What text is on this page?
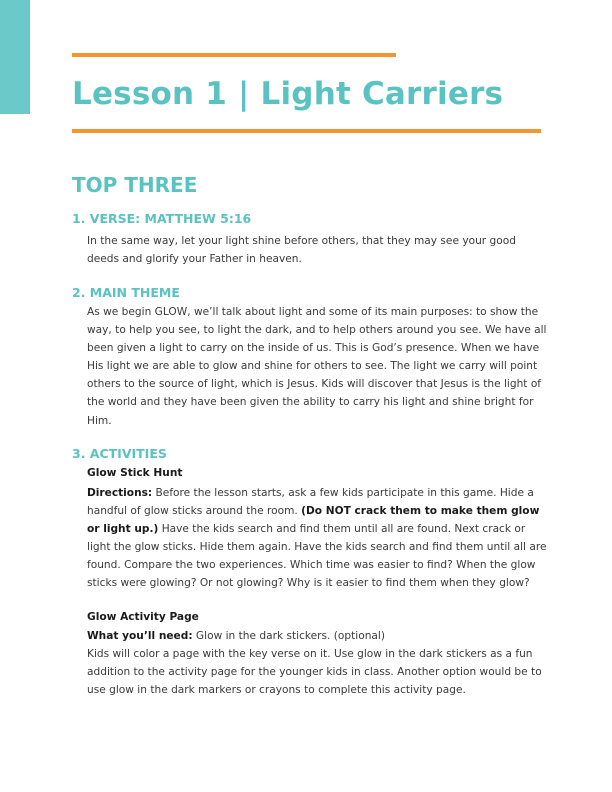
Lesson 1 | Light Carriers
TOP THREE
1. VERSE: MATTHEW 5:16

In the same way, let your light shine before others, that they may see your good deeds and glorify your Father in heaven.

2. MAIN THEME

As we begin GLOW, we’ll talk about light and some of its main purposes: to show the way, to help you see, to light the dark, and to help others around you see. We have all been given a light to carry on the inside of us. This is God’s presence. When we have His light we are able to glow and shine for others to see. The light we carry will point others to the source of light, which is Jesus. Kids will discover that Jesus is the light of the world and they have been given the ability to carry his light and shine bright for Him.

3. ACTIVITIES
Glow Stick Hunt

Directions: Before the lesson starts, ask a few kids participate in this game. Hide a handful of glow sticks around the room. (Do NOT crack them to make them glow or light up.) Have the kids search and find them until all are found. Next crack or light the glow sticks. Hide them again. Have the kids search and find them until all are found. Compare the two experiences. Which time was easier to find? When the glow sticks were glowing? Or not glowing? Why is it easier to find them when they glow?

Glow Activity Page

What you’ll need: Glow in the dark stickers. (optional)

Kids will color a page with the key verse on it. Use glow in the dark stickers as a fun addition to the activity page for the younger kids in class. Another option would be to use glow in the dark markers or crayons to complete this activity page.
